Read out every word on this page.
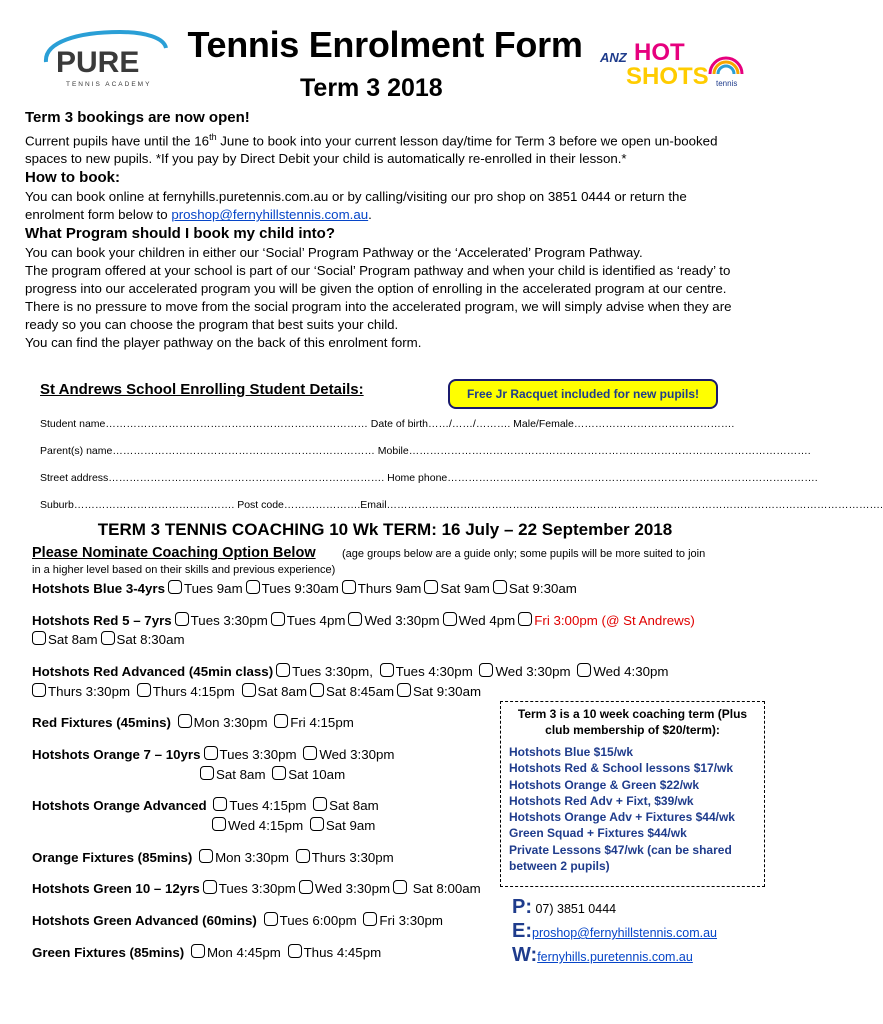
PURE
TENNIS ACADEMY
ANZ HOT
SHOTS tennis
Tennis Enrolment Form
Term 3 2018
Term 3 bookings are now open!
Current pupils have until the 16th June to book into your current lesson day/time for Term 3 before we open un-booked spaces to new pupils. *If you pay by Direct Debit your child is automatically re-enrolled in their lesson.*
How to book:
You can book online at fernyhills.puretennis.com.au or by calling/visiting our pro shop on 3851 0444 or return the enrolment form below to proshop@fernyhillstennis.com.au.
What Program should I book my child into?
You can book your children in either our ‘Social’ Program Pathway or the ‘Accelerated’ Program Pathway.
The program offered at your school is part of our ‘Social’ Program pathway and when your child is identified as ‘ready’ to progress into our accelerated program you will be given the option of enrolling in the accelerated program at our centre. There is no pressure to move from the social program into the accelerated program, we will simply advise when they are ready so you can choose the program that best suits your child.
You can find the player pathway on the back of this enrolment form.
St Andrews School Enrolling Student Details:	Free Jr Racquet included for new pupils!
Student name………………………………………………………………… Date of birth……/……/………. Male/Female……………………………………….
Parent(s) name………………………………………………………………… Mobile…………………………………………………………………………………………………….
Street address……………………………………………………………………. Home phone…………………………………………………………………………………………….
Suburb………………………………………. Post code………………….Email…………………………………………………………………………………………………………………………….
TERM 3 TENNIS COACHING 10 Wk TERM: 16 July – 22 September 2018
Please Nominate Coaching Option Below (age groups below are a guide only; some pupils will be more suited to join
in a higher level based on their skills and previous experience)
Hotshots Blue 3-4yrs Tues 9am Tues 9:30am Thurs 9am Sat 9am Sat 9:30am
Hotshots Red 5 – 7yrs Tues 3:30pm Tues 4pm Wed 3:30pm Wed 4pm Fri 3:00pm (@ St Andrews)
Sat 8am Sat 8:30am
Hotshots Red Advanced (45min class) Tues 3:30pm, Tues 4:30pm Wed 3:30pm Wed 4:30pm
Thurs 3:30pm Thurs 4:15pm Sat 8am Sat 8:45am Sat 9:30am
Red Fixtures (45mins) Mon 3:30pm Fri 4:15pm
Hotshots Orange 7 – 10yrs Tues 3:30pm Wed 3:30pm
Sat 8am Sat 10am
Hotshots Orange Advanced Tues 4:15pm Sat 8am
Wed 4:15pm Sat 9am
Orange Fixtures (85mins) Mon 3:30pm Thurs 3:30pm
Hotshots Green 10 – 12yrs Tues 3:30pm Wed 3:30pm Sat 8:00am
Hotshots Green Advanced (60mins) Tues 6:00pm Fri 3:30pm
Green Fixtures (85mins) Mon 4:45pm Thus 4:45pm
Term 3 is a 10 week coaching term (Plus club membership of $20/term):
Hotshots Blue $15/wk
Hotshots Red & School lessons $17/wk
Hotshots Orange & Green $22/wk
Hotshots Red Adv + Fixt, $39/wk
Hotshots Orange Adv + Fixtures $44/wk
Green Squad + Fixtures $44/wk
Private Lessons $47/wk (can be shared between 2 pupils)
P: 07) 3851 0444
E:proshop@fernyhillstennis.com.au
W:fernyhills.puretennis.com.au
